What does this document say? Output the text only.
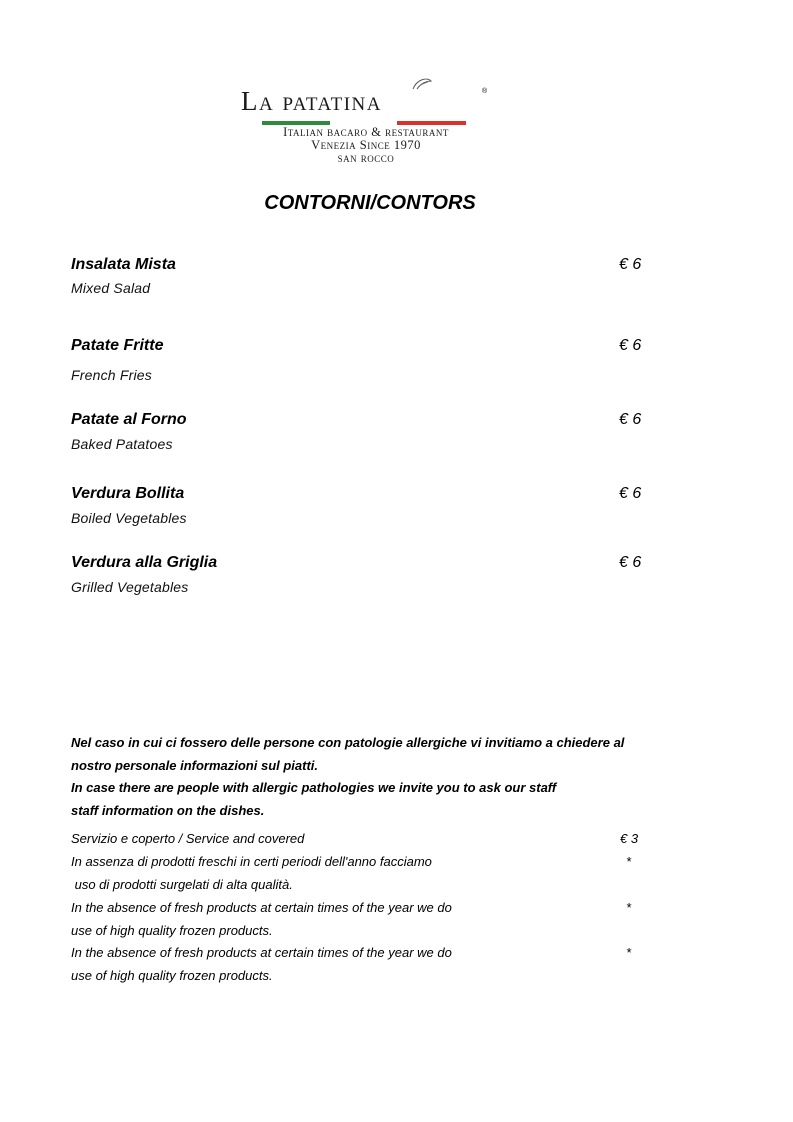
La patatina	®
Italian bacaro & restaurant
Venezia Since 1970
san rocco
CONTORNI/CONTORS
Insalata Mista	€ 6
Mixed Salad
Patate Fritte	€ 6
French Fries
Patate al Forno	€ 6
Baked Patatoes
Verdura Bollita	€ 6
Boiled Vegetables
Verdura alla Griglia	€ 6
Grilled Vegetables
Nel caso in cui ci fossero delle persone con patologie allergiche vi invitiamo a chiedere al
nostro personale informazioni sul piatti.
In case there are people with allergic pathologies we invite you to ask our staff
staff information on the dishes.
Servizio e coperto / Service and covered	€ 3
In assenza di prodotti freschi in certi periodi dell'anno facciamo	*
uso di prodotti surgelati di alta qualità.
In the absence of fresh products at certain times of the year we do	*
use of high quality frozen products.
In the absence of fresh products at certain times of the year we do	*
use of high quality frozen products.
